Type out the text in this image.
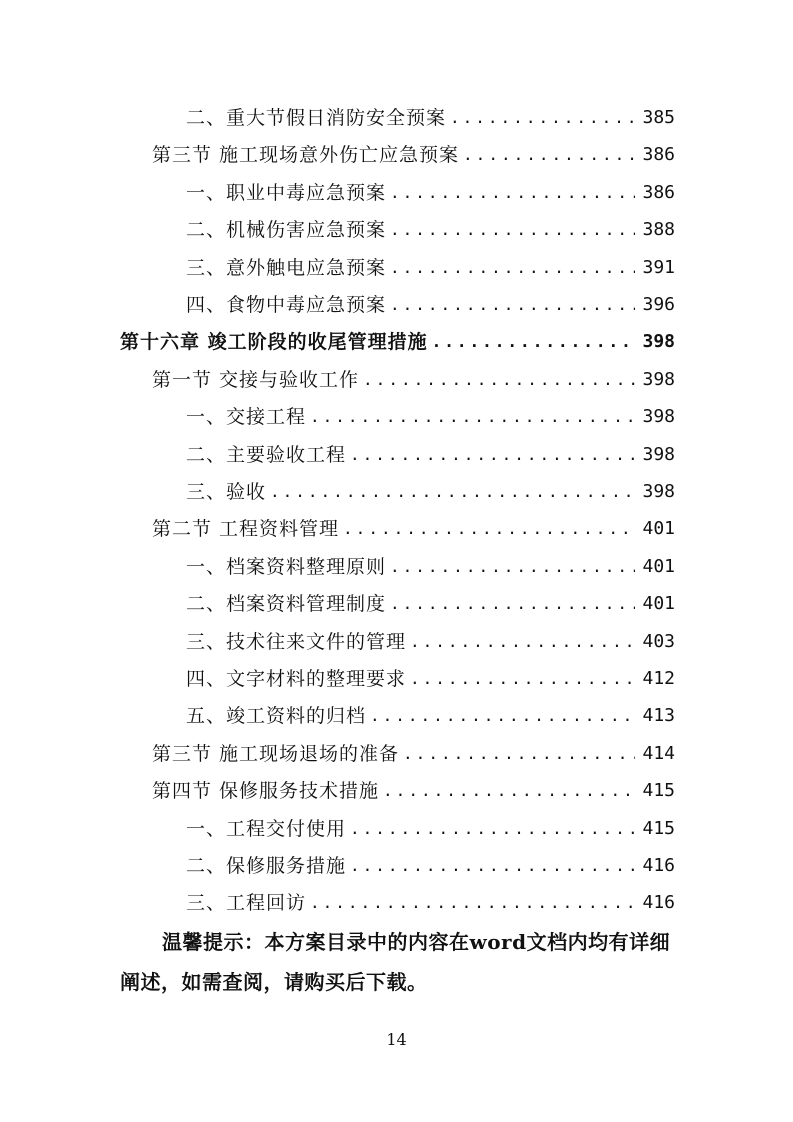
二、重大节假日消防安全预案 .....	385
第三节 施工现场意外伤亡应急预案 .....	386
一、职业中毒应急预案 .....	386
二、机械伤害应急预案 .....	388
三、意外触电应急预案 .....	391
四、食物中毒应急预案 .....	396
第十六章 竣工阶段的收尾管理措施 .....	398
第一节 交接与验收工作 .....	398
一、交接工程 .....	398
二、主要验收工程 .....	398
三、验收 .....	398
第二节 工程资料管理 .....	401
一、档案资料整理原则 .....	401
二、档案资料管理制度 .....	401
三、技术往来文件的管理 .....	403
四、文字材料的整理要求 .....	412
五、竣工资料的归档 .....	413
第三节 施工现场退场的准备 .....	414
第四节 保修服务技术措施 .....	415
一、工程交付使用 .....	415
二、保修服务措施 .....	416
三、工程回访 .....	416
温馨提示：本方案目录中的内容在word文档内均有详细阐述，如需查阅，请购买后下载。
14
